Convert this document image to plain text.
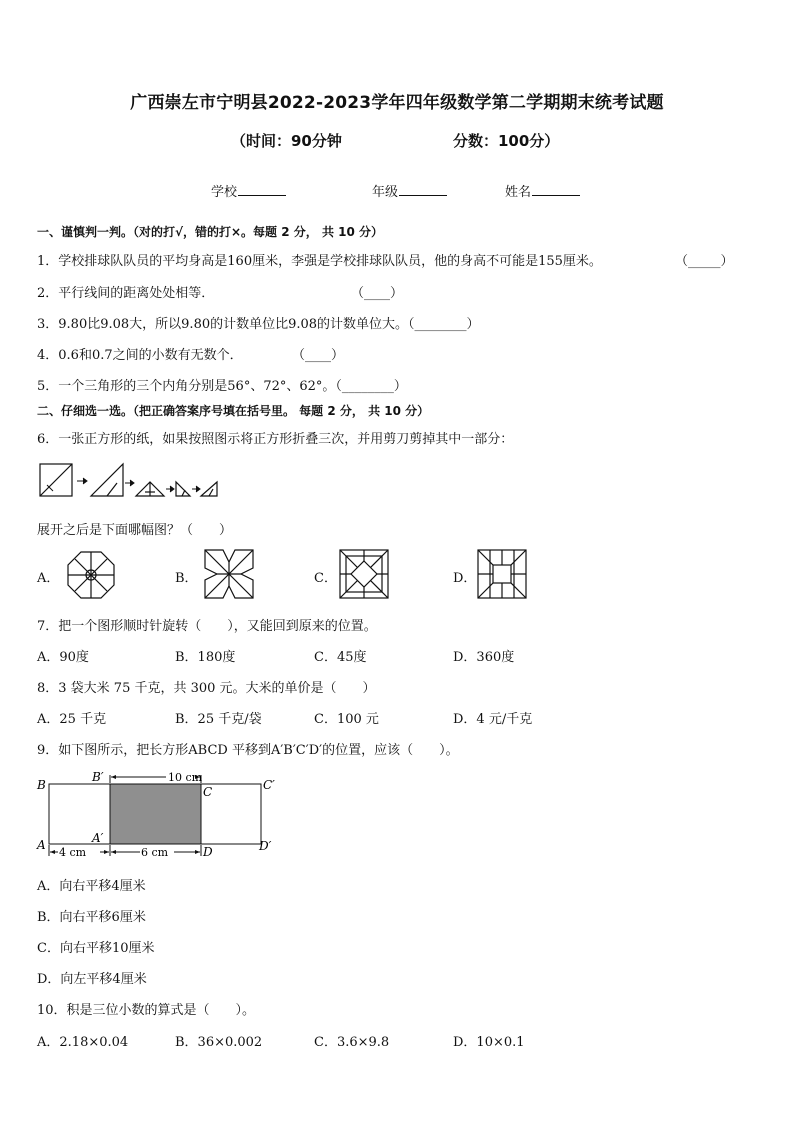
广西崇左市宁明县2022-2023学年四年级数学第二学期期末统考试题
（时间：90分钟	分数：100分）
学校	年级	姓名
一、谨慎判一判。（对的打√，错的打×。每题 2 分， 共 10 分）
1．学校排球队队员的平均身高是160厘米，李强是学校排球队队员，他的身高不可能是155厘米。	（_____）
2．平行线间的距离处处相等．	（____）
3．9.80比9.08大，所以9.80的计数单位比9.08的计数单位大。（________）
4．0.6和0.7之间的小数有无数个．	（____）
5．一个三角形的三个内角分别是56°、72°、62°。（________）
二、仔细选一选。（把正确答案序号填在括号里。 每题 2 分， 共 10 分）
6．一张正方形的纸，如果按照图示将正方形折叠三次，并用剪刀剪掉其中一部分：
展开之后是下面哪幅图？（　　）
A．	B．	C．	D．
7．把一个图形顺时针旋转（　　），又能回到原来的位置。
A．90度	B．180度	C．45度	D．360度
8．3 袋大米 75 千克，共 300 元。大米的单价是（　　）
A．25 千克	B．25 千克/袋	C．100 元	D．4 元/千克
9．如下图所示，把长方形ABCD 平移到A′B′C′D′的位置，应该（　　）。
B
B′
C	C′
A	A′
D	D′
10 cm
4 cm	6 cm
A．向右平移4厘米
B．向右平移6厘米
C．向右平移10厘米
D．向左平移4厘米
10．积是三位小数的算式是（　　）。
A．2.18×0.04	B．36×0.002	C．3.6×9.8	D．10×0.1
